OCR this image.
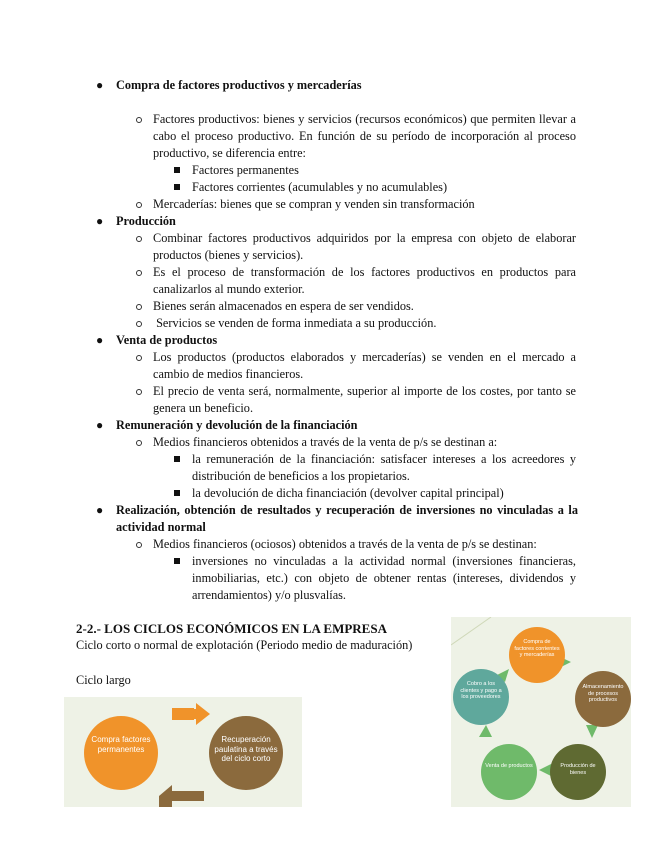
● Compra de factores productivos y mercaderías
Factores productivos: bienes y servicios (recursos económicos) que permiten llevar a cabo el proceso productivo. En función de su período de incorporación al proceso productivo, se diferencia entre:
Factores permanentes
Factores corrientes (acumulables y no acumulables)
Mercaderías: bienes que se compran y venden sin transformación
● Producción
Combinar factores productivos adquiridos por la empresa con objeto de elaborar productos (bienes y servicios).
Es el proceso de transformación de los factores productivos en productos para canalizarlos al mundo exterior.
Bienes serán almacenados en espera de ser vendidos.
Servicios se venden de forma inmediata a su producción.
● Venta de productos
Los productos (productos elaborados y mercaderías) se venden en el mercado a cambio de medios financieros.
El precio de venta será, normalmente, superior al importe de los costes, por tanto se genera un beneficio.
● Remuneración y devolución de la financiación
Medios financieros obtenidos a través de la venta de p/s se destinan a:
la remuneración de la financiación: satisfacer intereses a los acreedores y distribución de beneficios a los propietarios.
la devolución de dicha financiación (devolver capital principal)
● Realización, obtención de resultados y recuperación de inversiones no vinculadas a la actividad normal
Medios financieros (ociosos) obtenidos a través de la venta de p/s se destinan:
inversiones no vinculadas a la actividad normal (inversiones financieras, inmobiliarias, etc.) con objeto de obtener rentas (intereses, dividendos y arrendamientos) y/o plusvalías.
2-2.- LOS CICLOS ECONÓMICOS EN LA EMPRESA
Ciclo corto o normal de explotación (Periodo medio de maduración)
Ciclo largo
Compra factores permanentes
Recuperación paulatina a través del ciclo corto
Compra de factores corrientes y mercaderías
Almacenamiento de procesos productivos
Producción de bienes
Venta de productos
Cobro a los clientes y pago a los proveedores
